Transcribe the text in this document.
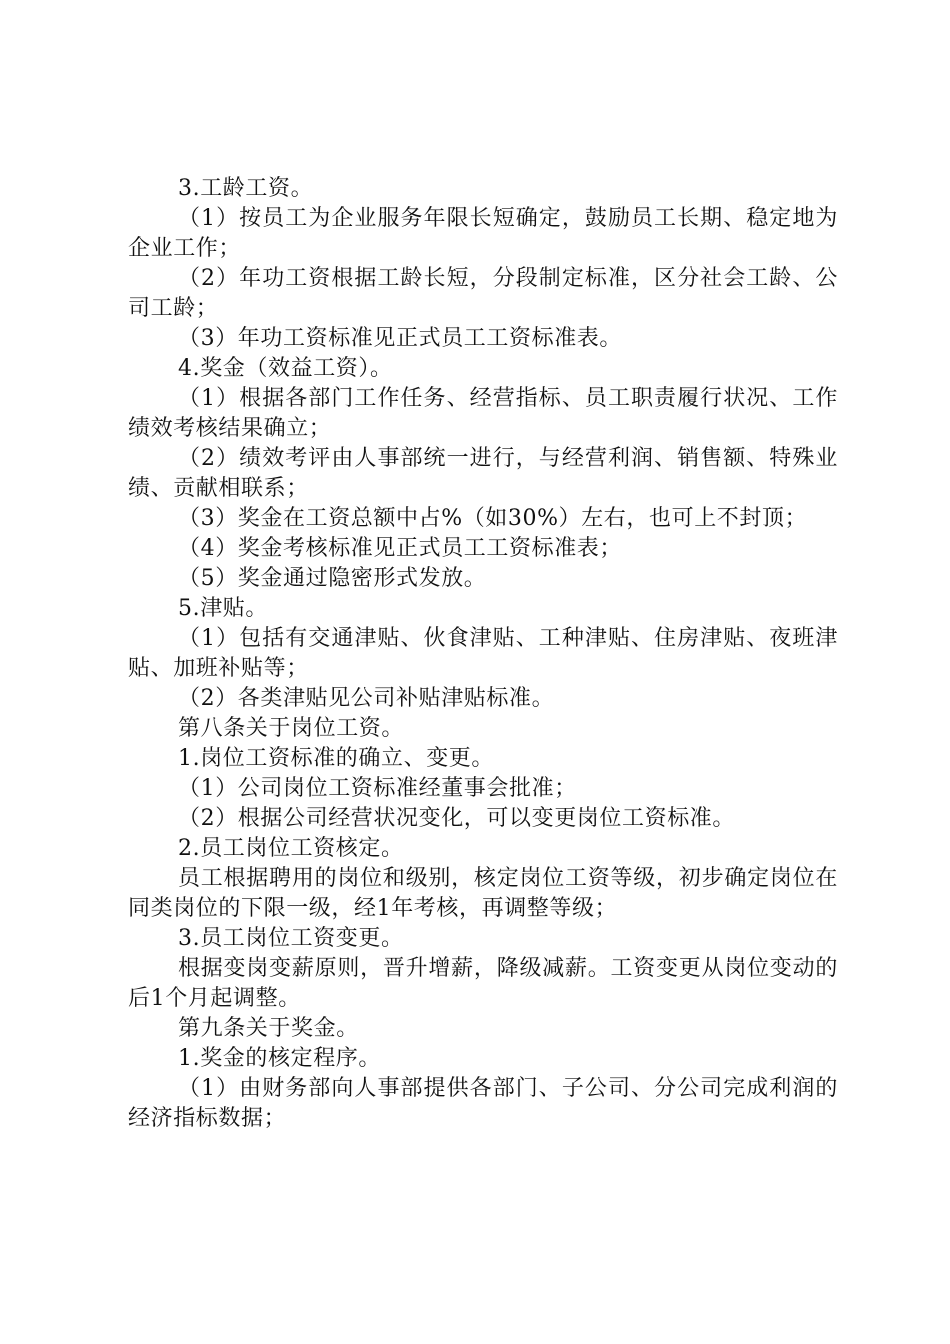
3.工龄工资。

（1）按员工为企业服务年限长短确定，鼓励员工长期、稳定地为企业工作；

（2）年功工资根据工龄长短，分段制定标准，区分社会工龄、公司工龄；

（3）年功工资标准见正式员工工资标准表。

4.奖金（效益工资）。

（1）根据各部门工作任务、经营指标、员工职责履行状况、工作绩效考核结果确立；

（2）绩效考评由人事部统一进行，与经营利润、销售额、特殊业绩、贡献相联系；

（3）奖金在工资总额中占%（如30%）左右，也可上不封顶；

（4）奖金考核标准见正式员工工资标准表；

（5）奖金通过隐密形式发放。

5.津贴。

（1）包括有交通津贴、伙食津贴、工种津贴、住房津贴、夜班津贴、加班补贴等；

（2）各类津贴见公司补贴津贴标准。

第八条关于岗位工资。

1.岗位工资标准的确立、变更。

（1）公司岗位工资标准经董事会批准；

（2）根据公司经营状况变化，可以变更岗位工资标准。

2.员工岗位工资核定。

员工根据聘用的岗位和级别，核定岗位工资等级，初步确定岗位在同类岗位的下限一级，经1年考核，再调整等级；

3.员工岗位工资变更。

根据变岗变薪原则，晋升增薪，降级减薪。工资变更从岗位变动的后1个月起调整。

第九条关于奖金。

1.奖金的核定程序。

（1）由财务部向人事部提供各部门、子公司、分公司完成利润的经济指标数据；
